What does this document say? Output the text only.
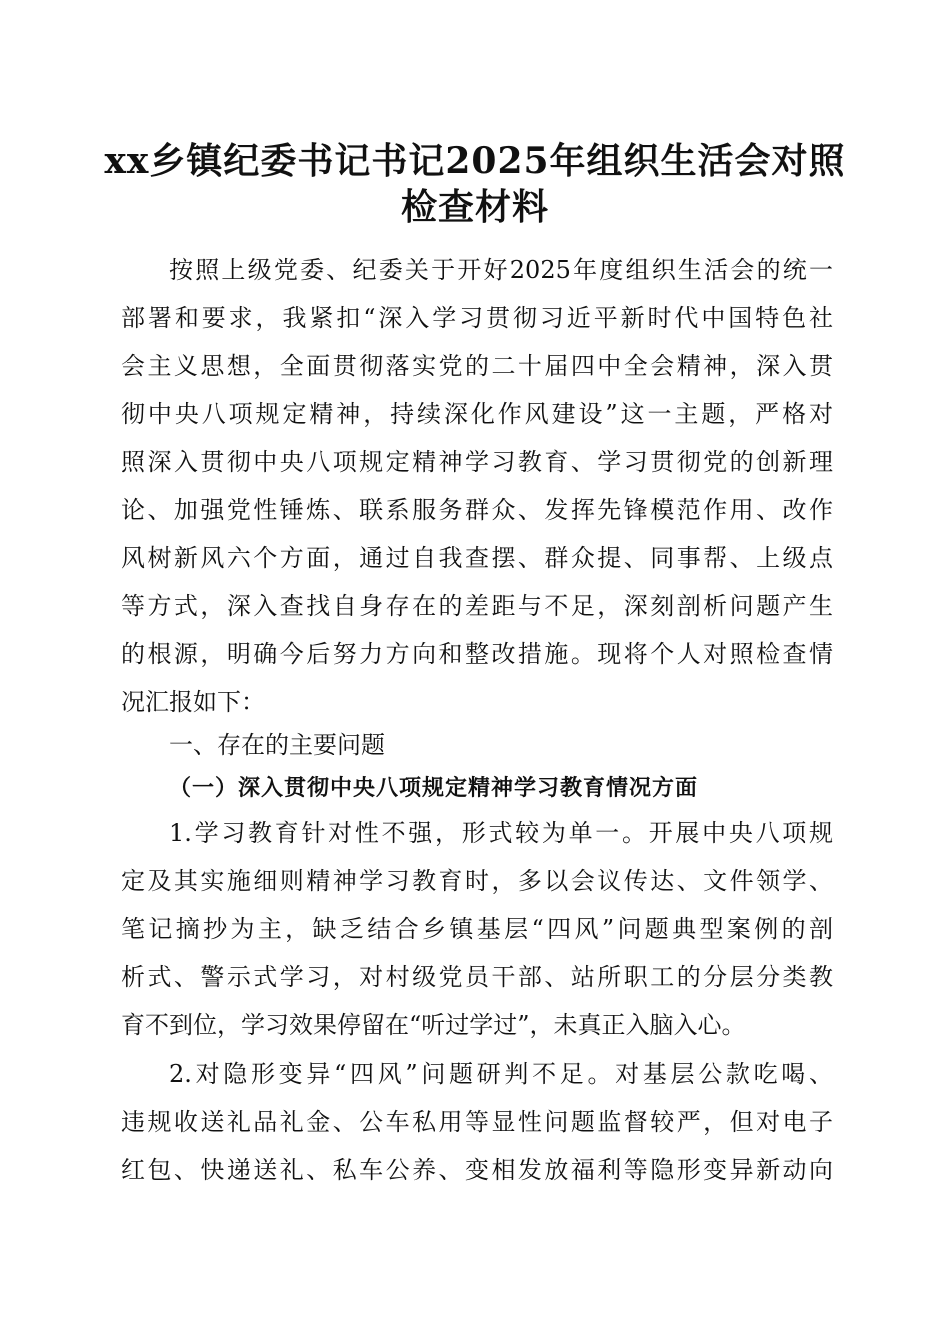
xx乡镇纪委书记书记2025年组织生活会对照
检查材料
按照上级党委、纪委关于开好2025年度组织生活会的统一
部署和要求，我紧扣“深入学习贯彻习近平新时代中国特色社
会主义思想，全面贯彻落实党的二十届四中全会精神，深入贯
彻中央八项规定精神，持续深化作风建设”这一主题，严格对
照深入贯彻中央八项规定精神学习教育、学习贯彻党的创新理
论、加强党性锤炼、联系服务群众、发挥先锋模范作用、改作
风树新风六个方面，通过自我查摆、群众提、同事帮、上级点
等方式，深入查找自身存在的差距与不足，深刻剖析问题产生
的根源，明确今后努力方向和整改措施。现将个人对照检查情
况汇报如下：
一、存在的主要问题
（一）深入贯彻中央八项规定精神学习教育情况方面
1.学习教育针对性不强，形式较为单一。开展中央八项规
定及其实施细则精神学习教育时，多以会议传达、文件领学、
笔记摘抄为主，缺乏结合乡镇基层“四风”问题典型案例的剖
析式、警示式学习，对村级党员干部、站所职工的分层分类教
育不到位，学习效果停留在“听过学过”，未真正入脑入心。
2.对隐形变异“四风”问题研判不足。对基层公款吃喝、
违规收送礼品礼金、公车私用等显性问题监督较严，但对电子
红包、快递送礼、私车公养、变相发放福利等隐形变异新动向
